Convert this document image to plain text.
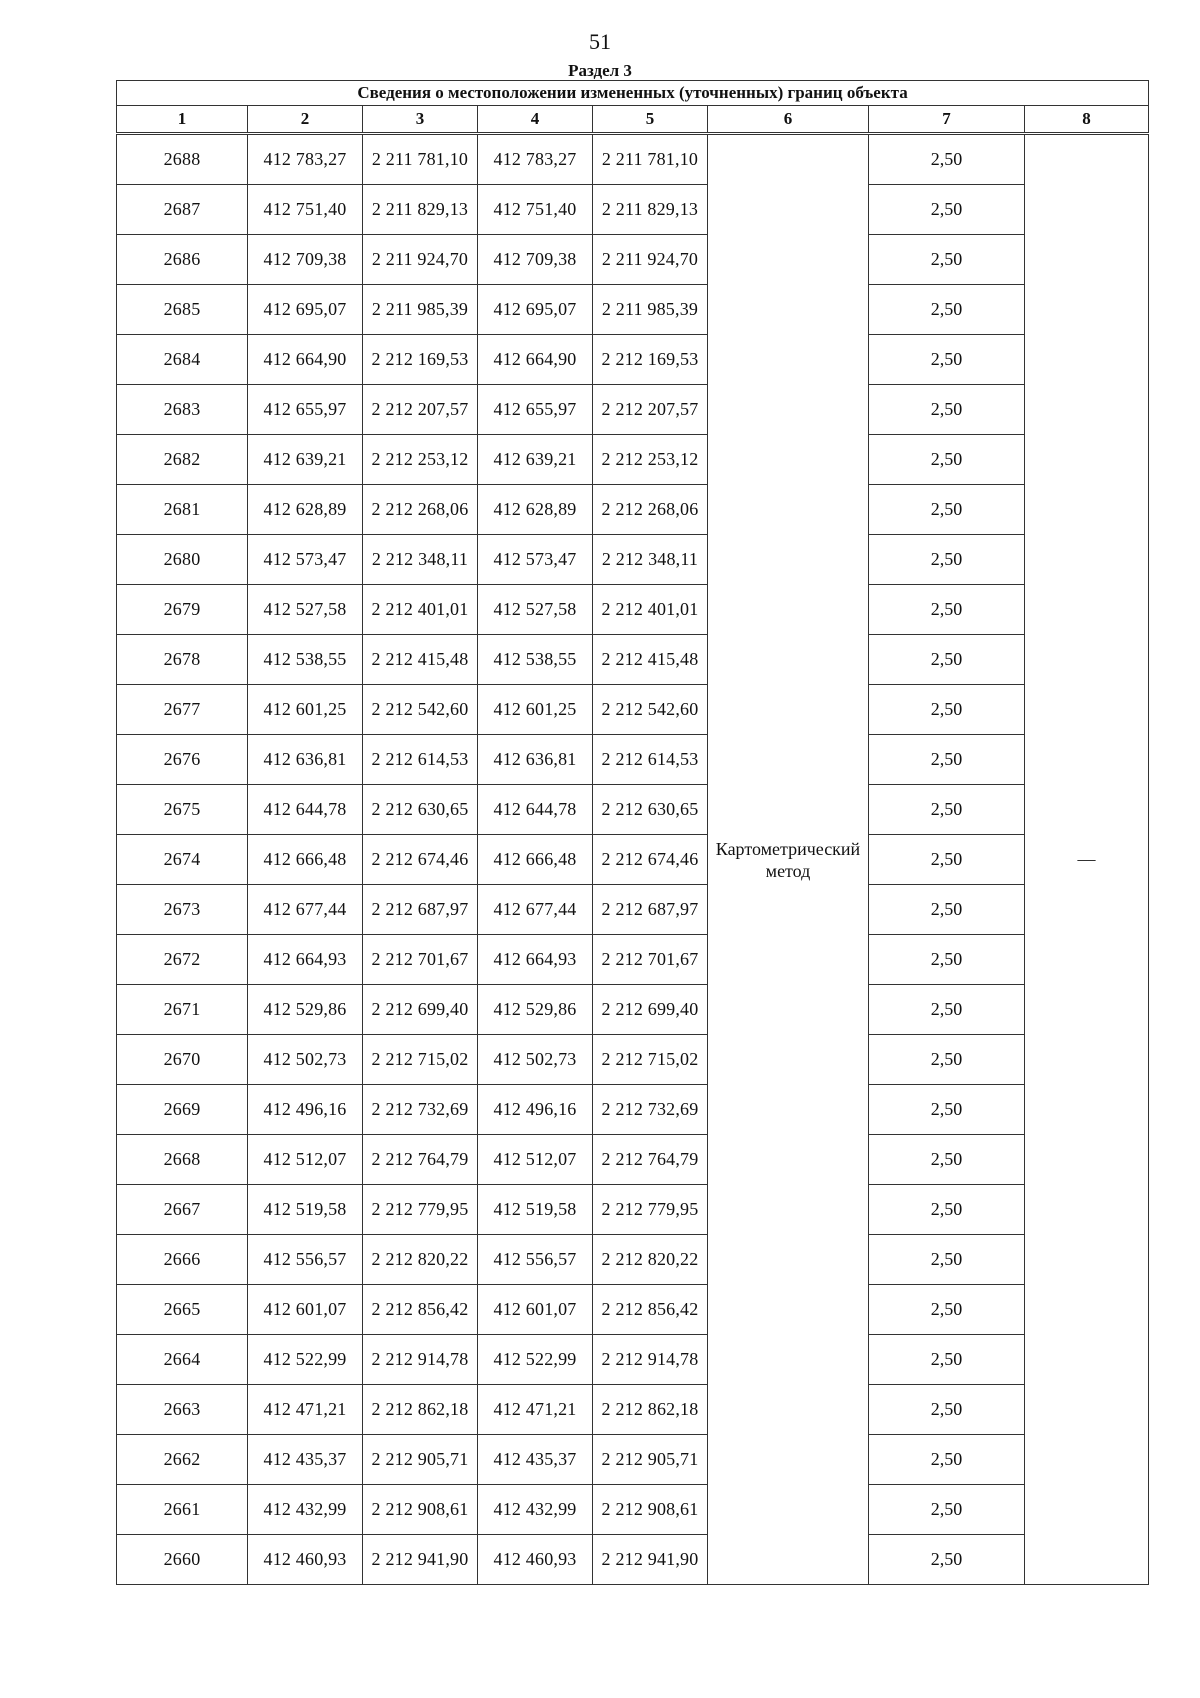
51
Раздел 3
Сведения о местоположении измененных (уточненных) границ объекта							
1	2	3	4	5	6	7	8
2688	412 783,27	2 211 781,10	412 783,27	2 211 781,10	Картометрический метод	2,50	—
2687	412 751,40	2 211 829,13	412 751,40	2 211 829,13		2,50	
2686	412 709,38	2 211 924,70	412 709,38	2 211 924,70		2,50	
2685	412 695,07	2 211 985,39	412 695,07	2 211 985,39		2,50	
2684	412 664,90	2 212 169,53	412 664,90	2 212 169,53		2,50	
2683	412 655,97	2 212 207,57	412 655,97	2 212 207,57		2,50	
2682	412 639,21	2 212 253,12	412 639,21	2 212 253,12		2,50	
2681	412 628,89	2 212 268,06	412 628,89	2 212 268,06		2,50	
2680	412 573,47	2 212 348,11	412 573,47	2 212 348,11		2,50	
2679	412 527,58	2 212 401,01	412 527,58	2 212 401,01		2,50	
2678	412 538,55	2 212 415,48	412 538,55	2 212 415,48		2,50	
2677	412 601,25	2 212 542,60	412 601,25	2 212 542,60		2,50	
2676	412 636,81	2 212 614,53	412 636,81	2 212 614,53		2,50	
2675	412 644,78	2 212 630,65	412 644,78	2 212 630,65		2,50	
2674	412 666,48	2 212 674,46	412 666,48	2 212 674,46		2,50	
2673	412 677,44	2 212 687,97	412 677,44	2 212 687,97		2,50	
2672	412 664,93	2 212 701,67	412 664,93	2 212 701,67		2,50	
2671	412 529,86	2 212 699,40	412 529,86	2 212 699,40		2,50	
2670	412 502,73	2 212 715,02	412 502,73	2 212 715,02		2,50	
2669	412 496,16	2 212 732,69	412 496,16	2 212 732,69		2,50	
2668	412 512,07	2 212 764,79	412 512,07	2 212 764,79		2,50	
2667	412 519,58	2 212 779,95	412 519,58	2 212 779,95		2,50	
2666	412 556,57	2 212 820,22	412 556,57	2 212 820,22		2,50	
2665	412 601,07	2 212 856,42	412 601,07	2 212 856,42		2,50	
2664	412 522,99	2 212 914,78	412 522,99	2 212 914,78		2,50	
2663	412 471,21	2 212 862,18	412 471,21	2 212 862,18		2,50	
2662	412 435,37	2 212 905,71	412 435,37	2 212 905,71		2,50	
2661	412 432,99	2 212 908,61	412 432,99	2 212 908,61		2,50	
2660	412 460,93	2 212 941,90	412 460,93	2 212 941,90		2,50	
